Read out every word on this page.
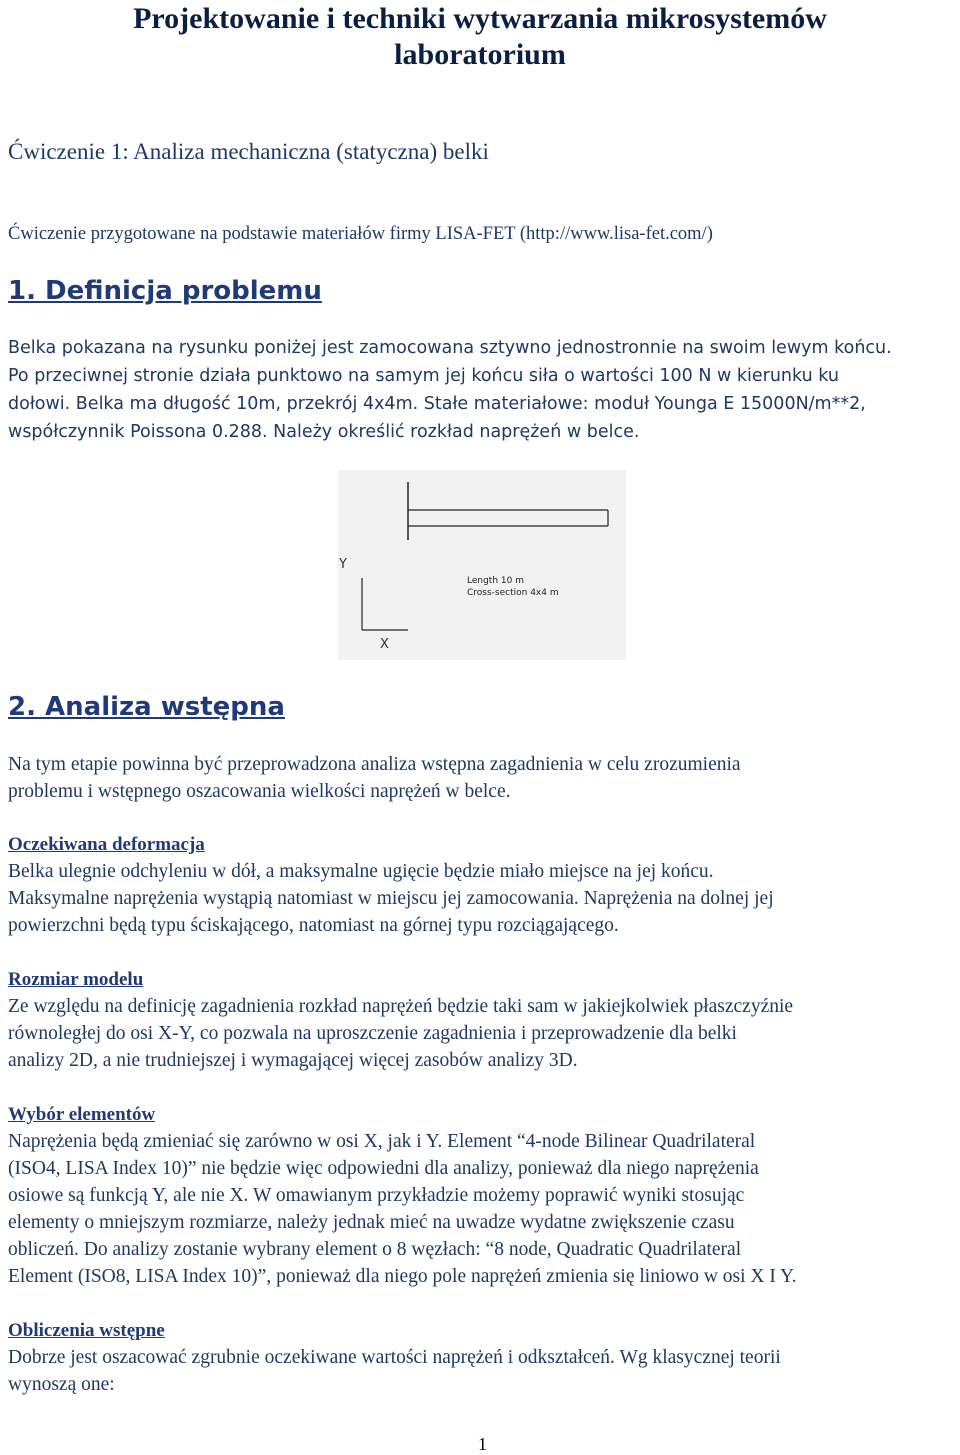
Projektowanie i techniki wytwarzania mikrosystemów
laboratorium
Ćwiczenie 1: Analiza mechaniczna (statyczna) belki
Ćwiczenie przygotowane na podstawie materiałów firmy LISA-FET (http://www.lisa-fet.com/)
1. Definicja problemu
Belka pokazana na rysunku poniżej jest zamocowana sztywno jednostronnie na swoim lewym końcu.
Po przeciwnej stronie działa punktowo na samym jej końcu siła o wartości 100 N w kierunku ku
dołowi. Belka ma długość 10m, przekrój 4x4m. Stałe materiałowe: moduł Younga E 15000N/m**2,
współczynnik Poissona 0.288. Należy określić rozkład naprężeń w belce.
Y
X
Length 10 m
Cross-section 4x4 m
2. Analiza wstępna
Na tym etapie powinna być przeprowadzona analiza wstępna zagadnienia w celu zrozumienia
problemu i wstępnego oszacowania wielkości naprężeń w belce.
Oczekiwana deformacja
Belka ulegnie odchyleniu w dół, a maksymalne ugięcie będzie miało miejsce na jej końcu.
Maksymalne naprężenia wystąpią natomiast w miejscu jej zamocowania. Naprężenia na dolnej jej
powierzchni będą typu ściskającego, natomiast na górnej typu rozciągającego.
Rozmiar modelu
Ze względu na definicję zagadnienia rozkład naprężeń będzie taki sam w jakiejkolwiek płaszczyźnie
równoległej do osi X-Y, co pozwala na uproszczenie zagadnienia i przeprowadzenie dla belki
analizy 2D, a nie trudniejszej i wymagającej więcej zasobów analizy 3D.
Wybór elementów
Naprężenia będą zmieniać się zarówno w osi X, jak i Y. Element “4-node Bilinear Quadrilateral
(ISO4, LISA Index 10)” nie będzie więc odpowiedni dla analizy, ponieważ dla niego naprężenia
osiowe są funkcją Y, ale nie X. W omawianym przykładzie możemy poprawić wyniki stosując
elementy o mniejszym rozmiarze, należy jednak mieć na uwadze wydatne zwiększenie czasu
obliczeń. Do analizy zostanie wybrany element o 8 węzłach: “8 node, Quadratic Quadrilateral
Element (ISO8, LISA Index 10)”, ponieważ dla niego pole naprężeń zmienia się liniowo w osi X I Y.
Obliczenia wstępne
Dobrze jest oszacować zgrubnie oczekiwane wartości naprężeń i odkształceń. Wg klasycznej teorii
wynoszą one:
1
